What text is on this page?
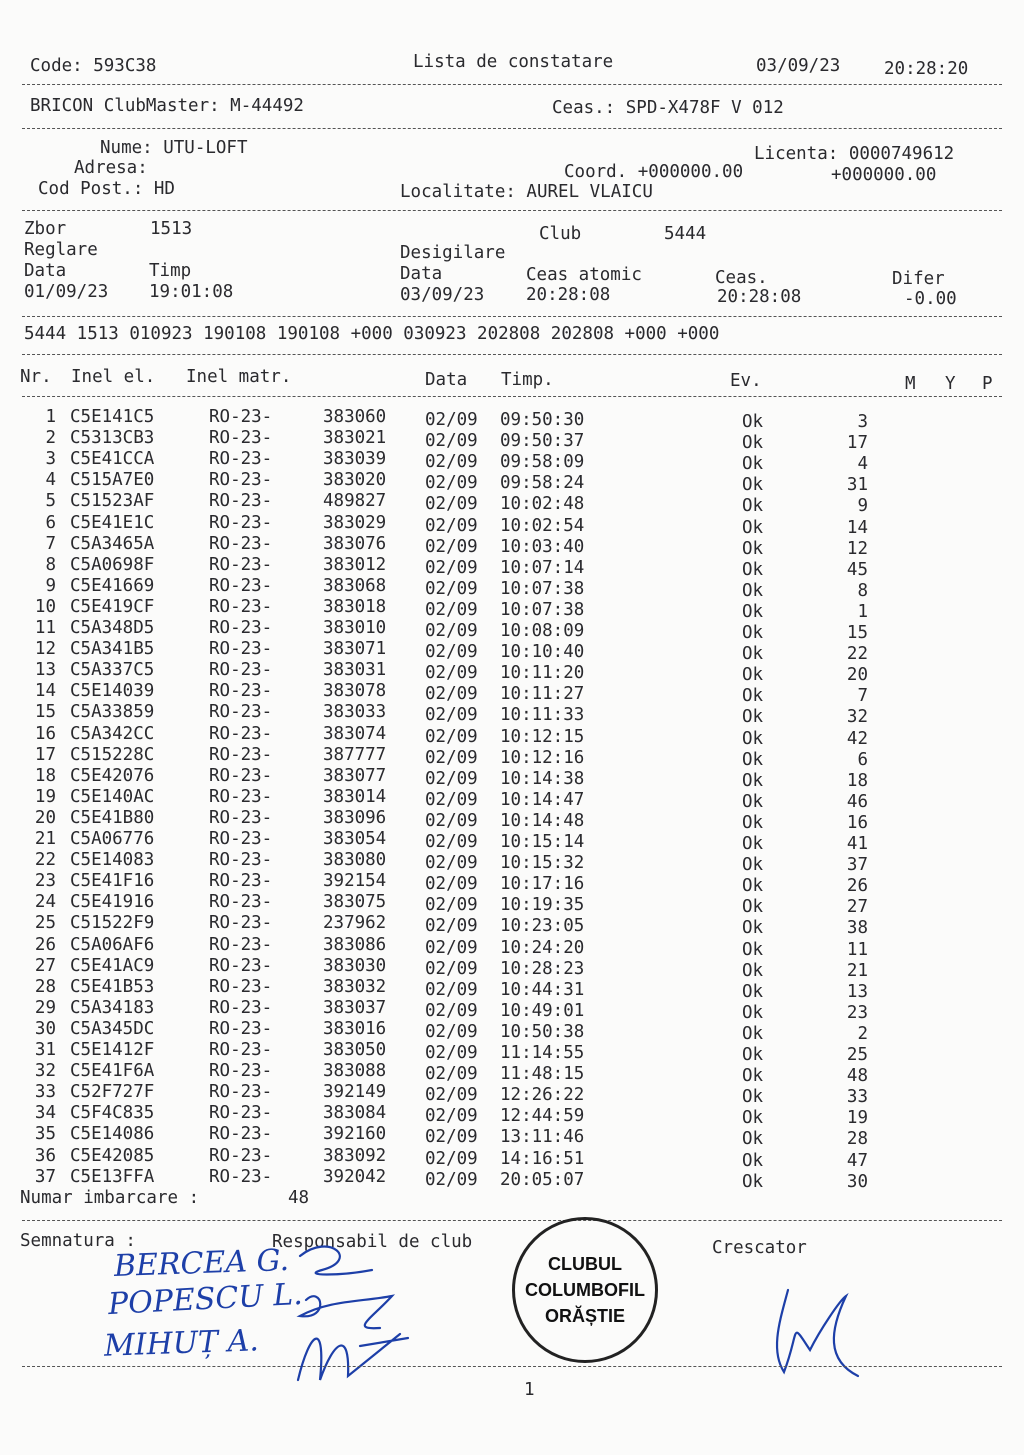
Code: 593C38	Lista de constatare	03/09/23 20:28:20
BRICON ClubMaster: M-44492	Ceas.: SPD-X478F V 012
Nume: UTU-LOFT	Licenta: 0000749612
Adresa:	Coord. +000000.00	+000000.00
Cod Post.: HD	Localitate: AUREL VLAICU
Zbor	1513	Club	5444
Reglare	Desigilare
Data	Timp	Data	Ceas atomic	Ceas.	Difer
01/09/23 19:01:08	03/09/23 20:28:08	20:28:08	-0.00
5444 1513 010923 190108 190108 +000 030923 202808 202808 +000 +000
Nr. Inel el. Inel matr.	Data Timp.	Ev.	M Y P
1 C5E141C5	RO-23-	383060 02/09 09:50:30	Ok	3
2 C5313CB3	RO-23-	383021 02/09 09:50:37	Ok	17
3 C5E41CCA	RO-23-	383039 02/09 09:58:09	Ok	4
4 C515A7E0	RO-23-	383020 02/09 09:58:24	Ok	31
5 C51523AF	RO-23-	489827 02/09 10:02:48	Ok	9
6 C5E41E1C	RO-23-	383029 02/09 10:02:54	Ok	14
7 C5A3465A	RO-23-	383076 02/09 10:03:40	Ok	12
8 C5A0698F	RO-23-	383012 02/09 10:07:14	Ok	45
9 C5E41669	RO-23-	383068 02/09 10:07:38	Ok	8
10 C5E419CF	RO-23-	383018 02/09 10:07:38	Ok	1
11 C5A348D5	RO-23-	383010 02/09 10:08:09	Ok	15
12 C5A341B5	RO-23-	383071 02/09 10:10:40	Ok	22
13 C5A337C5	RO-23-	383031 02/09 10:11:20	Ok	20
14 C5E14039	RO-23-	383078 02/09 10:11:27	Ok	7
15 C5A33859	RO-23-	383033 02/09 10:11:33	Ok	32
16 C5A342CC	RO-23-	383074 02/09 10:12:15	Ok	42
17 C515228C	RO-23-	387777 02/09 10:12:16	Ok	6
18 C5E42076	RO-23-	383077 02/09 10:14:38	Ok	18
19 C5E140AC	RO-23-	383014 02/09 10:14:47	Ok	46
20 C5E41B80	RO-23-	383096 02/09 10:14:48	Ok	16
21 C5A06776	RO-23-	383054 02/09 10:15:14	Ok	41
22 C5E14083	RO-23-	383080 02/09 10:15:32	Ok	37
23 C5E41F16	RO-23-	392154 02/09 10:17:16	Ok	26
24 C5E41916	RO-23-	383075 02/09 10:19:35	Ok	27
25 C51522F9	RO-23-	237962 02/09 10:23:05	Ok	38
26 C5A06AF6	RO-23-	383086 02/09 10:24:20	Ok	11
27 C5E41AC9	RO-23-	383030 02/09 10:28:23	Ok	21
28 C5E41B53	RO-23-	383032 02/09 10:44:31	Ok	13
29 C5A34183	RO-23-	383037 02/09 10:49:01	Ok	23
30 C5A345DC	RO-23-	383016 02/09 10:50:38	Ok	2
31 C5E1412F	RO-23-	383050 02/09 11:14:55	Ok	25
32 C5E41F6A	RO-23-	383088 02/09 11:48:15	Ok	48
33 C52F727F	RO-23-	392149 02/09 12:26:22	Ok	33
34 C5F4C835	RO-23-	383084 02/09 12:44:59	Ok	19
35 C5E14086	RO-23-	392160 02/09 13:11:46	Ok	28
36 C5E42085	RO-23-	383092 02/09 14:16:51	Ok	47
37 C5E13FFA	RO-23-	392042 02/09 20:05:07	Ok	30
Numar imbarcare :	48
Semnatura :	Responsabil de club	Crescator
BERCEA G.
POPESCU L.
MIHUȚ A.
CLUBUL
COLUMBOFIL
ORĂȘTIE
1
